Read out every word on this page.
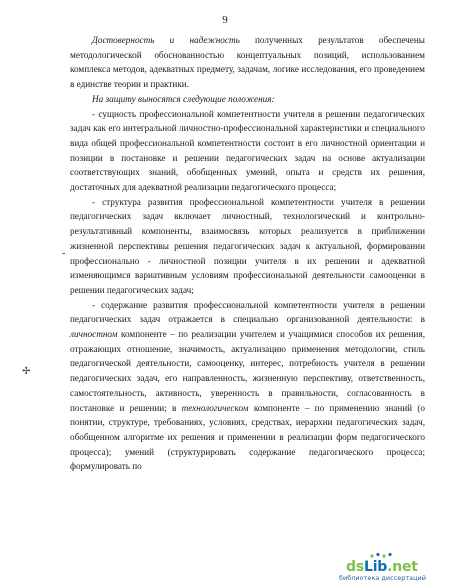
9
-
✢

Достоверность и надежность полученных результатов обеспечены методологической обоснованностью концептуальных позиций, использованием комплекса методов, адекватных предмету, задачам, логике исследования, его проведением в единстве теории и практики.

На защиту выносятся следующие положения:

- сущность профессиональной компетентности учителя в решении педагогических задач как его интегральной личностно-профессиональной характеристики и специального вида общей профессиональной компетентности состоит в его личностной ориентации и позиции в постановке и решении педагогических задач на основе актуализации соответствующих знаний, обобщенных умений, опыта и средств их решения, достаточных для адекватной реализации педагогического процесса;

- структура развития профессиональной компетентности учителя в решении педагогических задач включает личностный, технологический и контрольно-результативный компоненты, взаимосвязь которых реализуется в приближении жизненной перспективы решения педагогических задач к актуальной, формировании профессионально - личностной позиции учителя в их решении и адекватной изменяющимся вариативным условиям профессиональной деятельности самооценки в решении педагогических задач;

- содержание развития профессиональной компетентности учителя в решении педагогических задач отражается в специально организованной деятельности: в личностном компоненте – по реализации учителем и учащимися способов их решения, отражающих отношение, значимость, актуализацию применения методологии, стиль педагогической деятельности, самооценку, интерес, потребность учителя в решении педагогических задач, его направленность, жизненную перспективу, ответственность, самостоятельность, активность, уверенность в правильности, согласованность в постановке и решении; в технологическом компоненте – по применению знаний (о понятии, структуре, требованиях, условиях, средствах, иерархии педагогических задач, обобщенном алгоритме их решения и применении в реализации форм педагогического процесса); умений (структурировать содержание педагогического процесса; формулировать по

dsLib.net
библиотека диссертаций
